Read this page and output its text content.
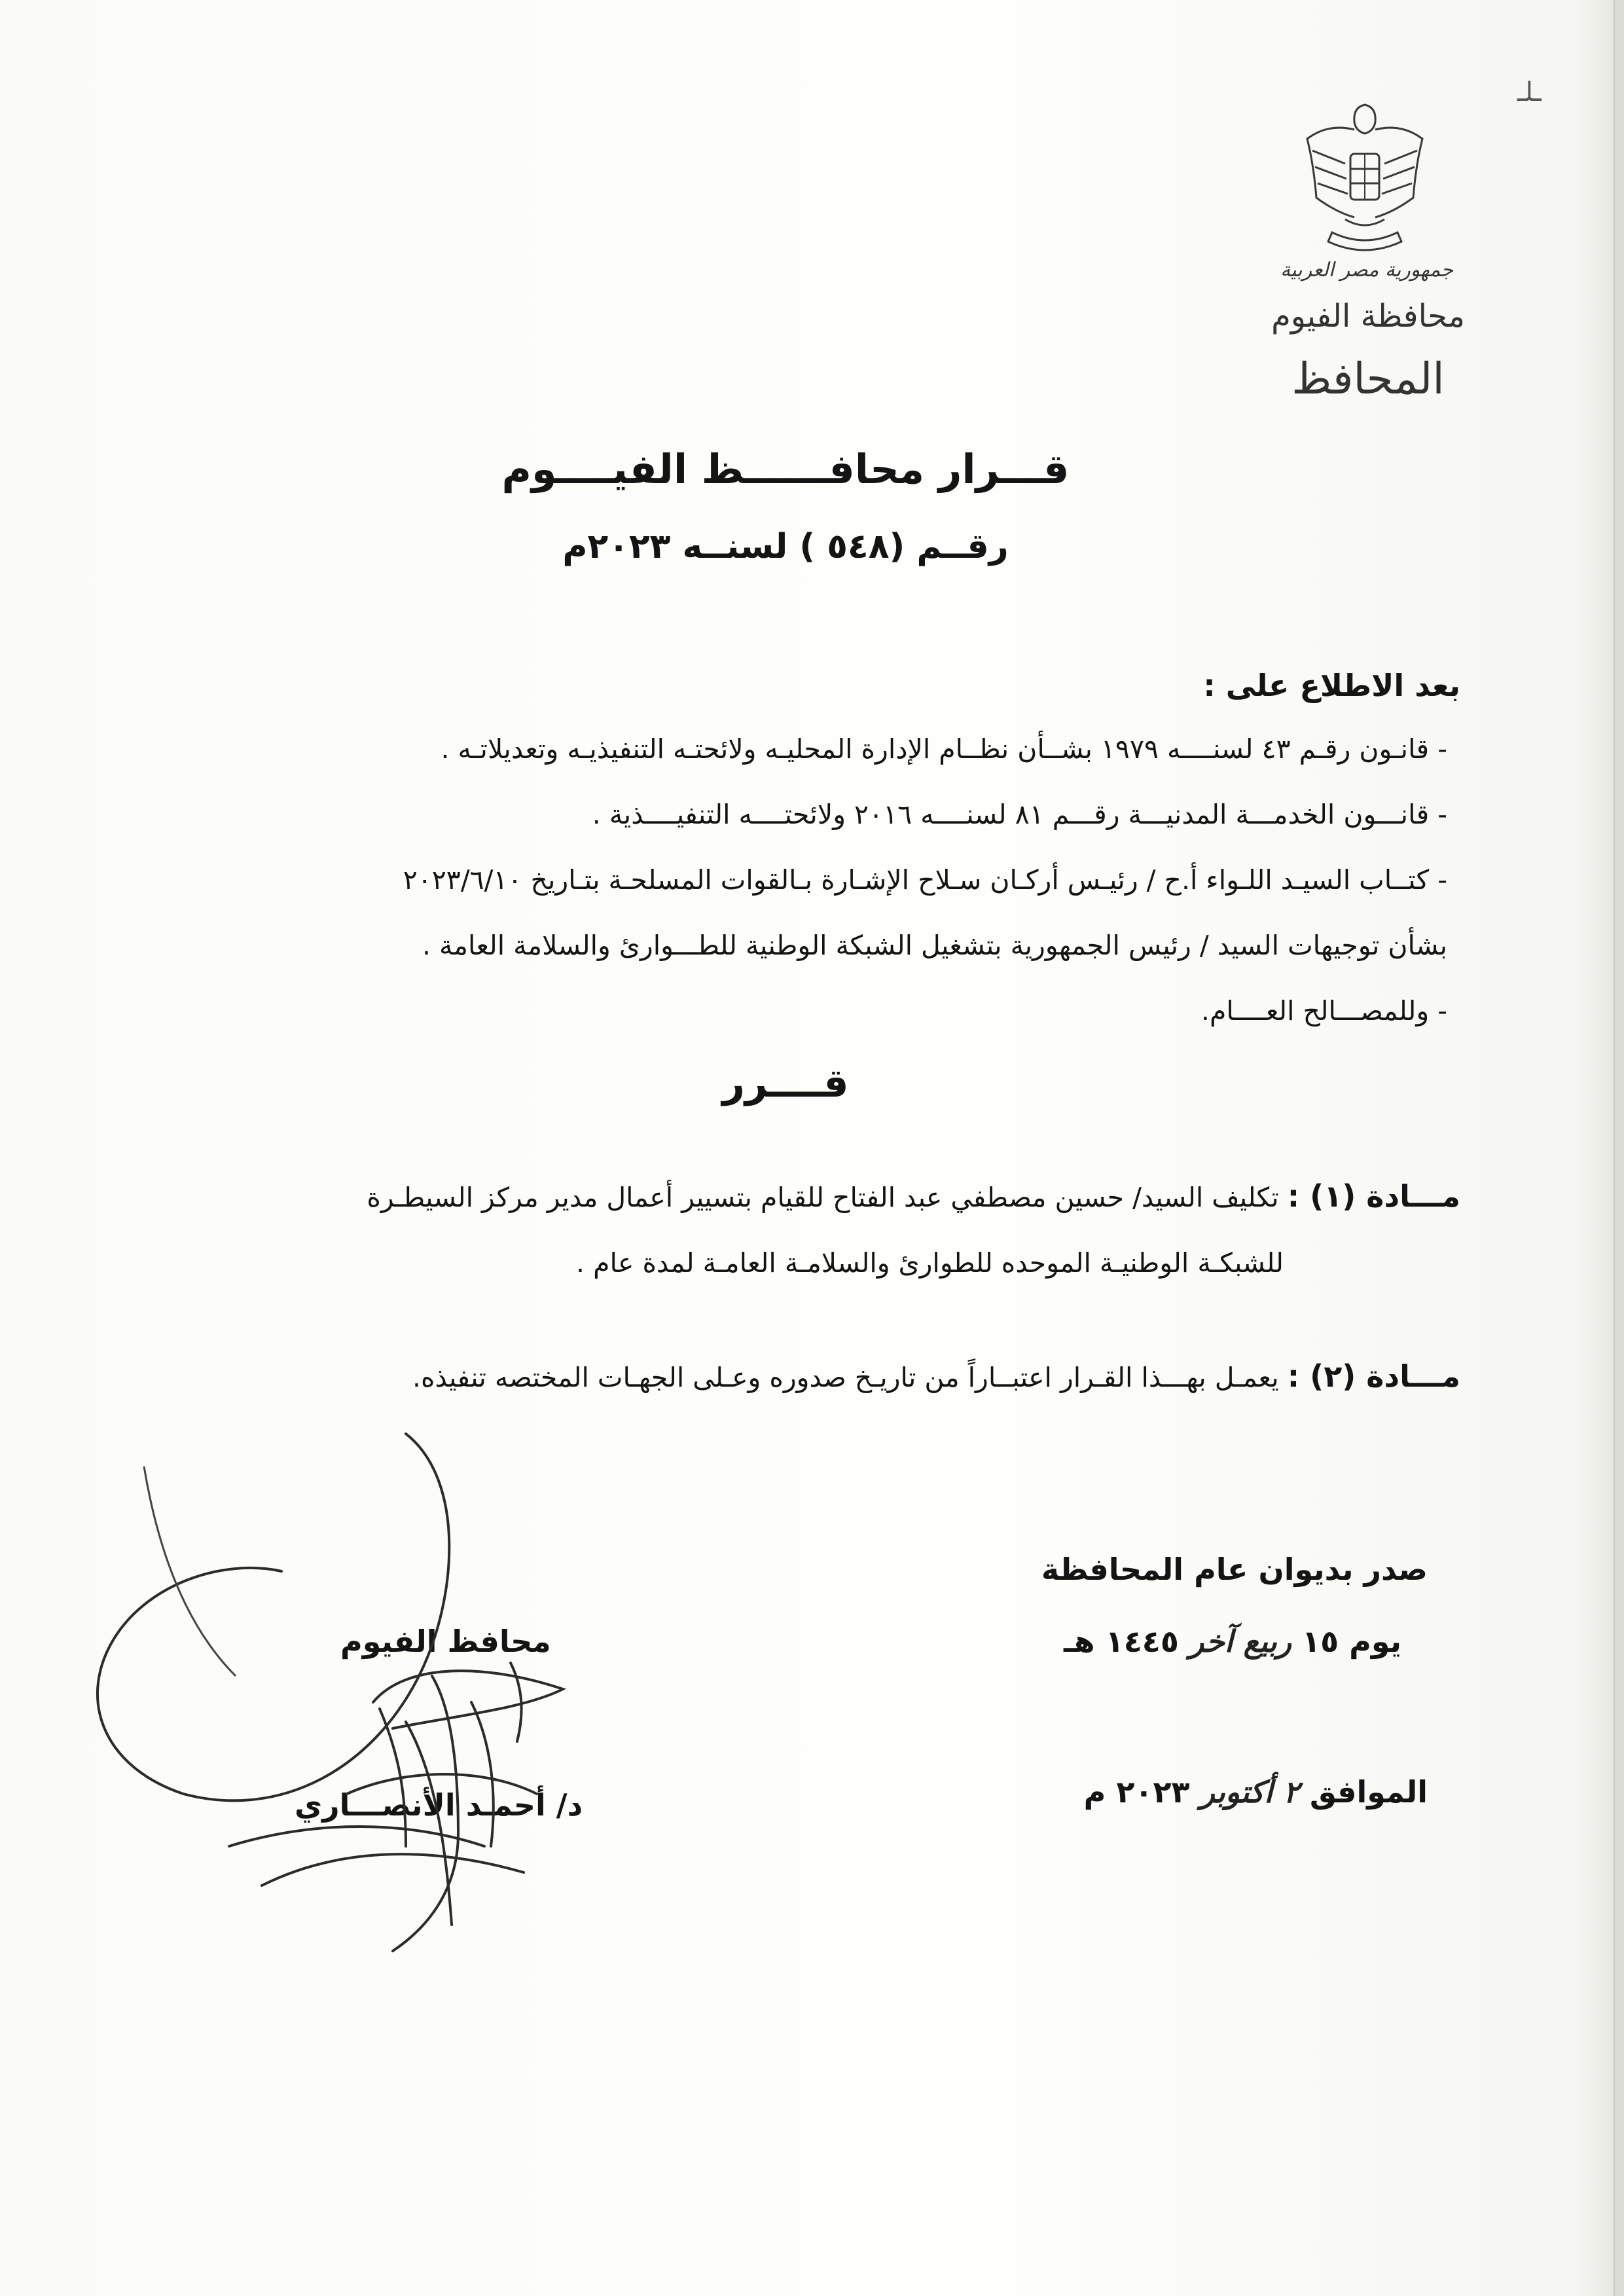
جمهورية مصر العربية
محافظة الفيوم
المحافظ
ـلـ
قـــرار محافــــــظ الفيــــوم
رقــم (٥٤٨ ) لسنــه ٢٠٢٣م
بعد الاطلاع على :
- قانـون رقـم ٤٣ لسنــــه ١٩٧٩ بشــأن نظــام الإدارة المحليـه ولائحتـه التنفيذيـه وتعديلاتـه .
- قانـــون الخدمـــة المدنيـــة رقـــم ٨١ لسنــــه ٢٠١٦ ولائحتــــه التنفيــــذية .
- كتــاب السيـد اللـواء أ.ح / رئيـس أركـان سـلاح الإشـارة بـالقوات المسلحـة بتـاريخ ٢٠٢٣/٦/١٠
بشأن توجيهات السيد / رئيس الجمهورية بتشغيل الشبكة الوطنية للطـــوارئ والسلامة العامة .
- وللمصـــالح العــــام.
قــــرر
مـــادة (١) : تكليف السيد/ حسين مصطفي عبد الفتاح للقيام بتسيير أعمال مدير مركز السيطـرة
للشبكـة الوطنيـة الموحده للطوارئ والسلامـة العامـة لمدة عام .
مـــادة (٢) : يعمـل بهـــذا القـرار اعتبــاراً من تاريـخ صدوره وعـلى الجهـات المختصه تنفيذه.
صدر بديوان عام المحافظة
يوم ١٥ ربيع آخر ١٤٤٥ هـ
الموافق ٢ أكتوبر ٢٠٢٣ م
محافظ الفيوم
د/ أحمـد الأنصـــاري
